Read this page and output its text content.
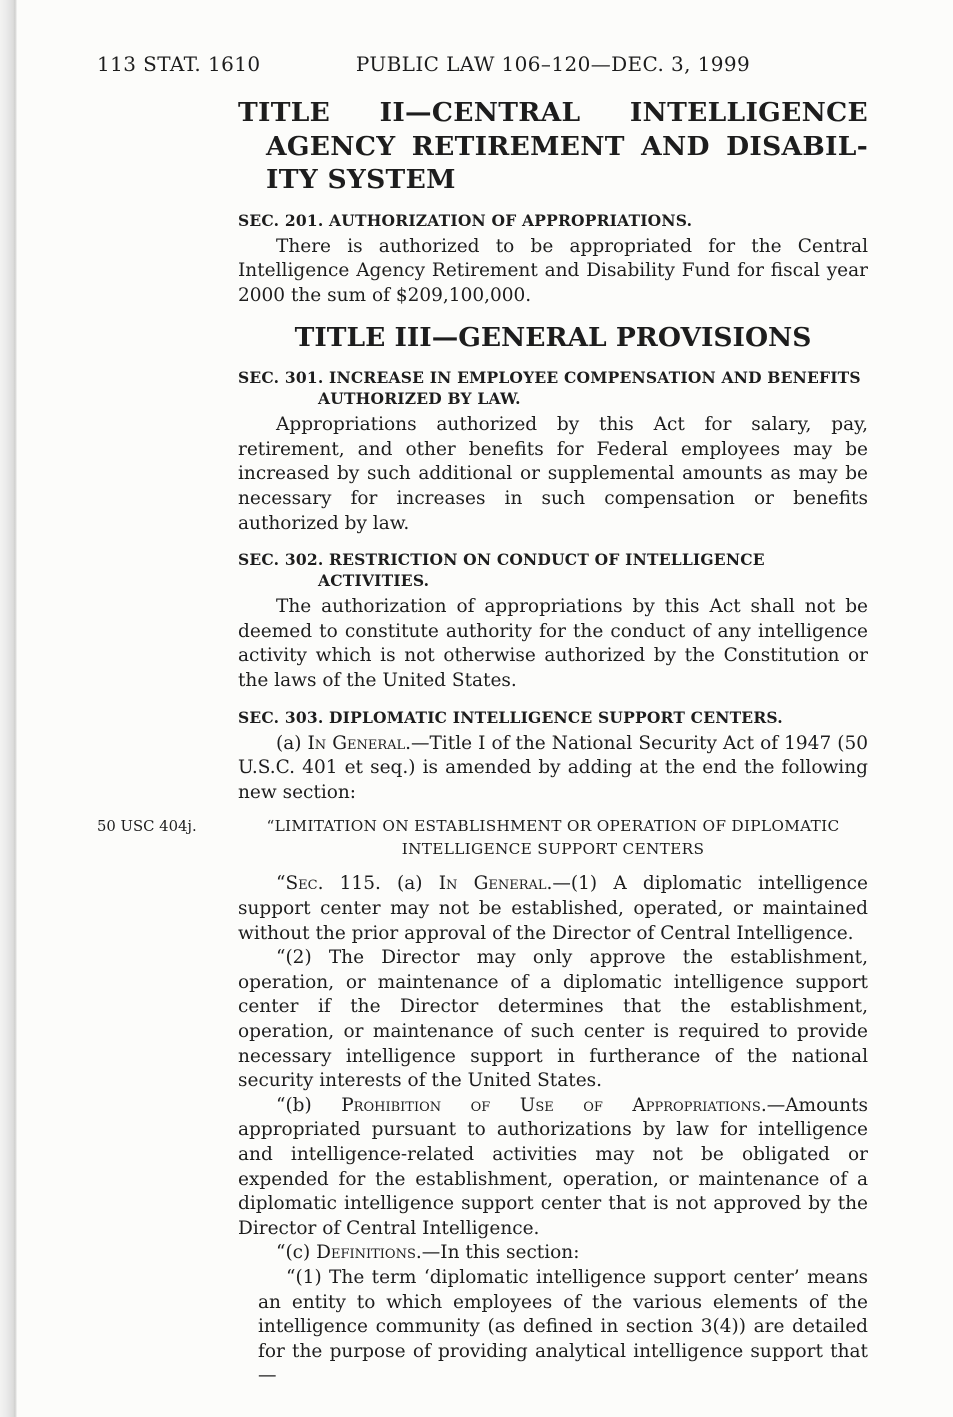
113 STAT. 1610	PUBLIC LAW 106–120—DEC. 3, 1999
TITLE II—CENTRAL INTELLIGENCE
AGENCY RETIREMENT AND DISABIL-
ITY SYSTEM
SEC. 201. AUTHORIZATION OF APPROPRIATIONS.
There is authorized to be appropriated for the Central Intelligence Agency Retirement and Disability Fund for fiscal year 2000 the sum of $209,100,000.
TITLE III—GENERAL PROVISIONS
SEC. 301. INCREASE IN EMPLOYEE COMPENSATION AND BENEFITS AUTHORIZED BY LAW.
Appropriations authorized by this Act for salary, pay, retirement, and other benefits for Federal employees may be increased by such additional or supplemental amounts as may be necessary for increases in such compensation or benefits authorized by law.
SEC. 302. RESTRICTION ON CONDUCT OF INTELLIGENCE ACTIVITIES.
The authorization of appropriations by this Act shall not be deemed to constitute authority for the conduct of any intelligence activity which is not otherwise authorized by the Constitution or the laws of the United States.
SEC. 303. DIPLOMATIC INTELLIGENCE SUPPORT CENTERS.
(a) In General.—Title I of the National Security Act of 1947 (50 U.S.C. 401 et seq.) is amended by adding at the end the following new section:
50 USC 404j.	“LIMITATION ON ESTABLISHMENT OR OPERATION OF DIPLOMATIC INTELLIGENCE SUPPORT CENTERS
“Sec. 115. (a) In General.—(1) A diplomatic intelligence support center may not be established, operated, or maintained without the prior approval of the Director of Central Intelligence.
“(2) The Director may only approve the establishment, operation, or maintenance of a diplomatic intelligence support center if the Director determines that the establishment, operation, or maintenance of such center is required to provide necessary intelligence support in furtherance of the national security interests of the United States.
“(b) Prohibition of Use of Appropriations.—Amounts appropriated pursuant to authorizations by law for intelligence and intelligence-related activities may not be obligated or expended for the establishment, operation, or maintenance of a diplomatic intelligence support center that is not approved by the Director of Central Intelligence.
“(c) Definitions.—In this section:
“(1) The term ‘diplomatic intelligence support center’ means an entity to which employees of the various elements of the intelligence community (as defined in section 3(4)) are detailed for the purpose of providing analytical intelligence support that—
